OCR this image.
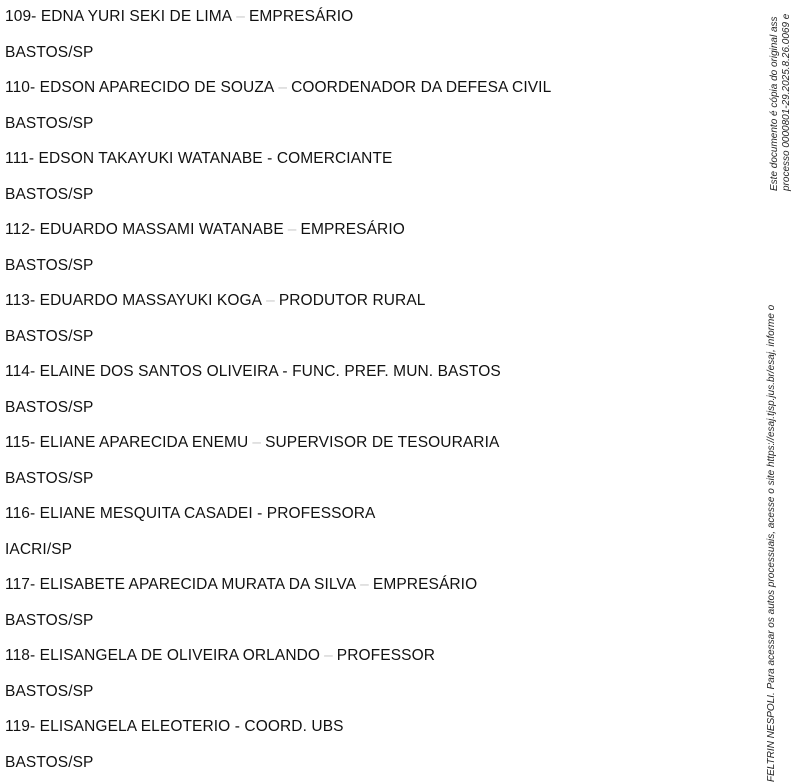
109- EDNA YURI SEKI DE LIMA – EMPRESÁRIO
BASTOS/SP
110- EDSON APARECIDO DE SOUZA – COORDENADOR DA DEFESA CIVIL
BASTOS/SP
111- EDSON TAKAYUKI WATANABE - COMERCIANTE
BASTOS/SP
112- EDUARDO MASSAMI WATANABE – EMPRESÁRIO
BASTOS/SP
113- EDUARDO MASSAYUKI KOGA – PRODUTOR RURAL
BASTOS/SP
114- ELAINE DOS SANTOS OLIVEIRA - FUNC. PREF. MUN. BASTOS
BASTOS/SP
115- ELIANE APARECIDA ENEMU – SUPERVISOR DE TESOURARIA
BASTOS/SP
116- ELIANE MESQUITA CASADEI - PROFESSORA
IACRI/SP
117- ELISABETE APARECIDA MURATA DA SILVA – EMPRESÁRIO
BASTOS/SP
118- ELISANGELA DE OLIVEIRA ORLANDO – PROFESSOR
BASTOS/SP
119- ELISANGELA ELEOTERIO - COORD. UBS
BASTOS/SP
Este documento é cópia do original ass processo 0000801-29.2025.8.26.0069 e
FELTRIN NESPOLI. Para acessar os autos processuais, acesse o site https://esaj.tjsp.jus.br/esaj, informe o
